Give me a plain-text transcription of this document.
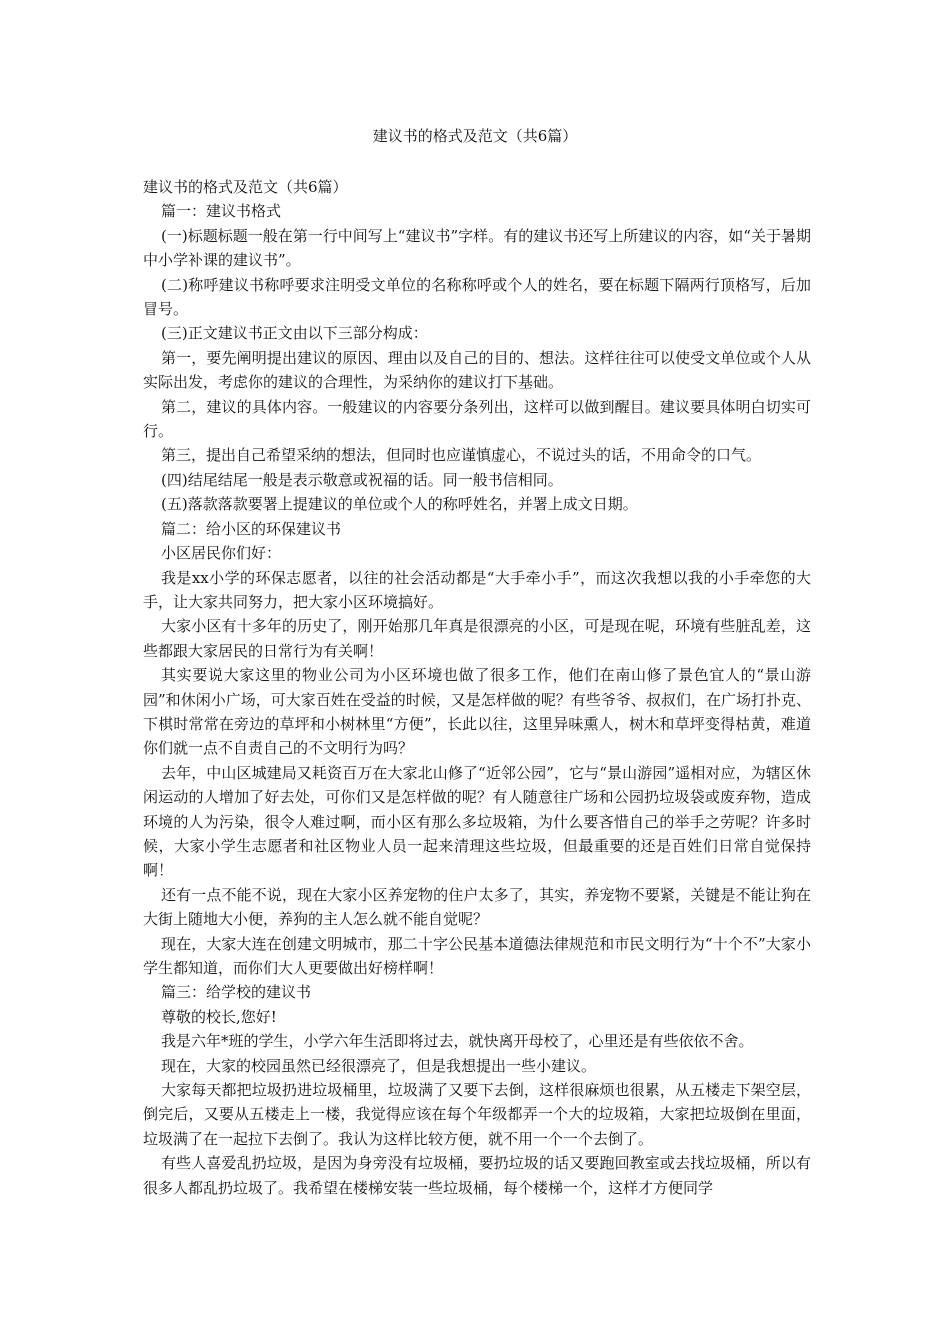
建议书的格式及范文（共6篇）

建议书的格式及范文（共6篇）

篇一：建议书格式

(一)标题标题一般在第一行中间写上“建议书”字样。有的建议书还写上所建议的内容，如“关于暑期中小学补课的建议书”。

(二)称呼建议书称呼要求注明受文单位的名称称呼或个人的姓名，要在标题下隔两行顶格写，后加冒号。

(三)正文建议书正文由以下三部分构成：

第一，要先阐明提出建议的原因、理由以及自己的目的、想法。这样往往可以使受文单位或个人从实际出发，考虑你的建议的合理性，为采纳你的建议打下基础。

第二，建议的具体内容。一般建议的内容要分条列出，这样可以做到醒目。建议要具体明白切实可行。

第三，提出自己希望采纳的想法，但同时也应谨慎虚心，不说过头的话，不用命令的口气。

(四)结尾结尾一般是表示敬意或祝福的话。同一般书信相同。

(五)落款落款要署上提建议的单位或个人的称呼姓名，并署上成文日期。

篇二：给小区的环保建议书

小区居民你们好：

我是xx小学的环保志愿者，以往的社会活动都是“大手牵小手”，而这次我想以我的小手牵您的大手，让大家共同努力，把大家小区环境搞好。

大家小区有十多年的历史了，刚开始那几年真是很漂亮的小区，可是现在呢，环境有些脏乱差，这些都跟大家居民的日常行为有关啊！

其实要说大家这里的物业公司为小区环境也做了很多工作，他们在南山修了景色宜人的“景山游园”和休闲小广场，可大家百姓在受益的时候，又是怎样做的呢？有些爷爷、叔叔们，在广场打扑克、下棋时常常在旁边的草坪和小树林里“方便”，长此以往，这里异味熏人，树木和草坪变得枯黄，难道你们就一点不自责自己的不文明行为吗？

去年，中山区城建局又耗资百万在大家北山修了“近邻公园”，它与“景山游园”遥相对应，为辖区休闲运动的人增加了好去处，可你们又是怎样做的呢？有人随意往广场和公园扔垃圾袋或废弃物，造成环境的人为污染，很令人难过啊，而小区有那么多垃圾箱，为什么要吝惜自己的举手之劳呢？许多时候，大家小学生志愿者和社区物业人员一起来清理这些垃圾，但最重要的还是百姓们日常自觉保持啊！

还有一点不能不说，现在大家小区养宠物的住户太多了，其实，养宠物不要紧，关键是不能让狗在大街上随地大小便，养狗的主人怎么就不能自觉呢？

现在，大家大连在创建文明城市，那二十字公民基本道德法律规范和市民文明行为“十个不”大家小学生都知道，而你们大人更要做出好榜样啊！

篇三：给学校的建议书

尊敬的校长,您好!

我是六年*班的学生，小学六年生活即将过去，就快离开母校了，心里还是有些依依不舍。

现在，大家的校园虽然已经很漂亮了，但是我想提出一些小建议。

大家每天都把垃圾扔进垃圾桶里，垃圾满了又要下去倒，这样很麻烦也很累，从五楼走下架空层，倒完后，又要从五楼走上一楼，我觉得应该在每个年级都弄一个大的垃圾箱，大家把垃圾倒在里面，垃圾满了在一起拉下去倒了。我认为这样比较方便，就不用一个一个去倒了。

有些人喜爱乱扔垃圾，是因为身旁没有垃圾桶，要扔垃圾的话又要跑回教室或去找垃圾桶，所以有很多人都乱扔垃圾了。我希望在楼梯安装一些垃圾桶，每个楼梯一个，这样才方便同学
